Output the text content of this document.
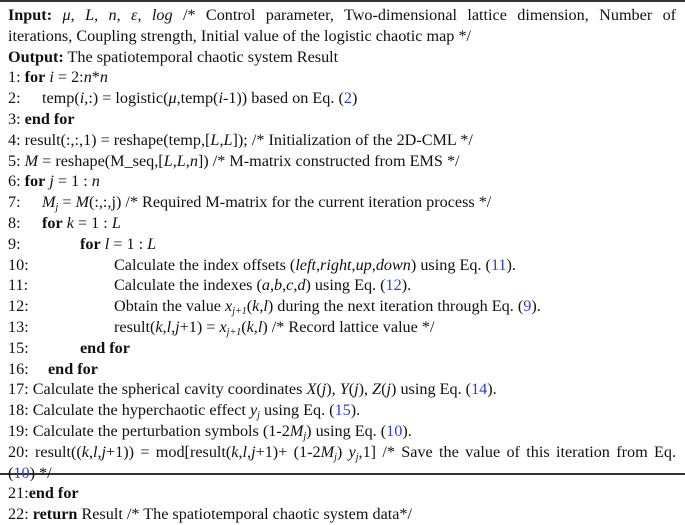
Input: μ, L, n, ε, log /* Control parameter, Two-dimensional lattice dimension, Number of
iterations, Coupling strength, Initial value of the logistic chaotic map */
Output: The spatiotemporal chaotic system Result
1: for i = 2:n*n
2: temp(i,:) = logistic(μ,temp(i-1)) based on Eq. (2)
3: end for
4: result(:,:,1) = reshape(temp,[L,L]); /* Initialization of the 2D-CML */
5: M = reshape(M_seq,[L,L,n]) /* M-matrix constructed from EMS */
6: for j = 1 : n
7: $M_j$ = M(:,:,j) /* Required M-matrix for the current iteration process */
8: for k = 1 : L
9:	for l = 1 : L
10:	Calculate the index offsets (left,right,up,down) using Eq. (11).
11:	Calculate the indexes (a,b,c,d) using Eq. (12).
12:	Obtain the value $x_{j+1}(k,l)$ during the next iteration through Eq. (9).
13:	result(k,l,j+1) = $x_{j+1}(k,l)$ /* Record lattice value */
15:	end for
16: end for
17: Calculate the spherical cavity coordinates X(j), Y(j), Z(j) using Eq. (14).
18: Calculate the hyperchaotic effect $y_j$ using Eq. (15).
19: Calculate the perturbation symbols $(1-2M_j)$ using Eq. (10).
20: result((k,l,j+1)) = mod[result(k,l,j+1)+ $(1-2M_j)$ $y_j,1$] /* Save the value of this iteration from Eq.
(10) */
21:end for
22: return Result /* The spatiotemporal chaotic system data*/
